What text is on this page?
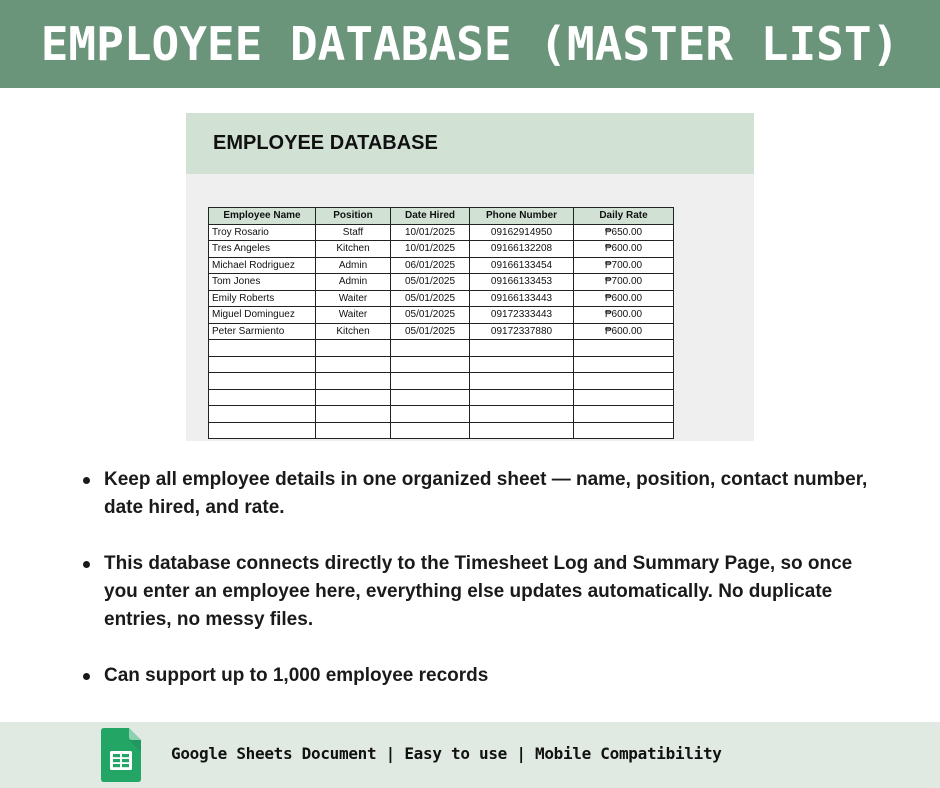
EMPLOYEE DATABASE (MASTER LIST)
EMPLOYEE DATABASE
Employee Name	Position	Date Hired	Phone Number	Daily Rate
Troy Rosario	Staff	10/01/2025	09162914950	₱650.00
Tres Angeles	Kitchen	10/01/2025	09166132208	₱600.00
Michael Rodriguez	Admin	06/01/2025	09166133454	₱700.00
Tom Jones	Admin	05/01/2025	09166133453	₱700.00
Emily Roberts	Waiter	05/01/2025	09166133443	₱600.00
Miguel Dominguez	Waiter	05/01/2025	09172333443	₱600.00
Peter Sarmiento	Kitchen	05/01/2025	09172337880	₱600.00

Keep all employee details in one organized sheet — name, position, contact number, date hired, and rate.
This database connects directly to the Timesheet Log and Summary Page, so once you enter an employee here, everything else updates automatically. No duplicate entries, no messy files.
Can support up to 1,000 employee records
Google Sheets Document | Easy to use | Mobile Compatibility
